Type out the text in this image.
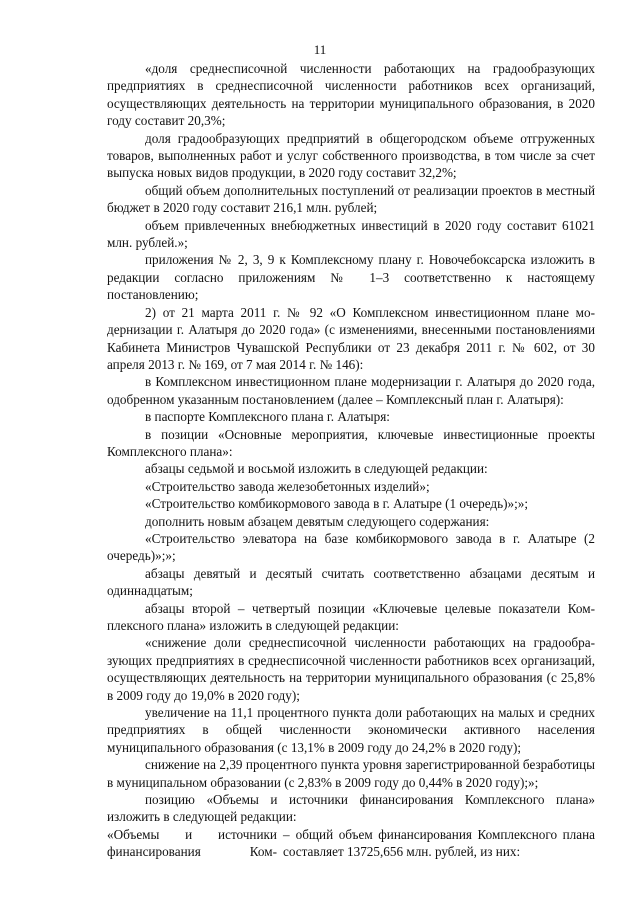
11

«доля среднесписочной численности работающих на градообразующих предприятиях в среднесписочной численности работников всех организаций, осуществляющих деятельность на территории муниципального образования, в 2020 году составит 20,3%;

доля градообразующих предприятий в общегородском объеме отгруженных товаров, выполненных работ и услуг собственного производства, в том числе за счет выпуска новых видов продукции, в 2020 году составит 32,2%;

общий объем дополнительных поступлений от реализации проектов в местный бюджет в 2020 году составит 216,1 млн. рублей;

объем привлеченных внебюджетных инвестиций в 2020 году составит 61021 млн. рублей.»;

приложения № 2, 3, 9 к Комплексному плану г. Новочебоксарска изложить в редакции согласно приложениям № 1–3 соответственно к настоящему постановлению;

2) от 21 марта 2011 г. № 92 «О Комплексном инвестиционном плане модернизации г. Алатыря до 2020 года» (с изменениями, внесенными постановлениями Кабинета Министров Чувашской Республики от 23 декабря 2011 г. № 602, от 30 апреля 2013 г. № 169, от 7 мая 2014 г. № 146):

в Комплексном инвестиционном плане модернизации г. Алатыря до 2020 года, одобренном указанным постановлением (далее – Комплексный план г. Алатыря):

в паспорте Комплексного плана г. Алатыря:

в позиции «Основные мероприятия, ключевые инвестиционные проекты Комплексного плана»:

абзацы седьмой и восьмой изложить в следующей редакции:

«Строительство завода железобетонных изделий»;

«Строительство комбикормового завода в г. Алатыре (1 очередь)»;»;

дополнить новым абзацем девятым следующего содержания:

«Строительство элеватора на базе комбикормового завода в г. Алатыре (2 очередь)»;»;

абзацы девятый и десятый считать соответственно абзацами десятым и одиннадцатым;

абзацы второй – четвертый позиции «Ключевые целевые показатели Комплексного плана» изложить в следующей редакции:

«снижение доли среднесписочной численности работающих на градообразующих предприятиях в среднесписочной численности работников всех организаций, осуществляющих деятельность на территории муниципального образования (с 25,8% в 2009 году до 19,0% в 2020 году);

увеличение на 11,1 процентного пункта доли работающих на малых и средних предприятиях в общей численности экономически активного населения муниципального образования (с 13,1% в 2009 году до 24,2% в 2020 году);

снижение на 2,39 процентного пункта уровня зарегистрированной безработицы в муниципальном образовании (с 2,83% в 2009 году до 0,44% в 2020 году);»;

позицию «Объемы и источники финансирования Комплексного плана» изложить в следующей редакции:

«Объемы и источники
финансирования Ком-
– общий объем финансирования Комплексного плана составляет 13725,656 млн. рублей, из них:
